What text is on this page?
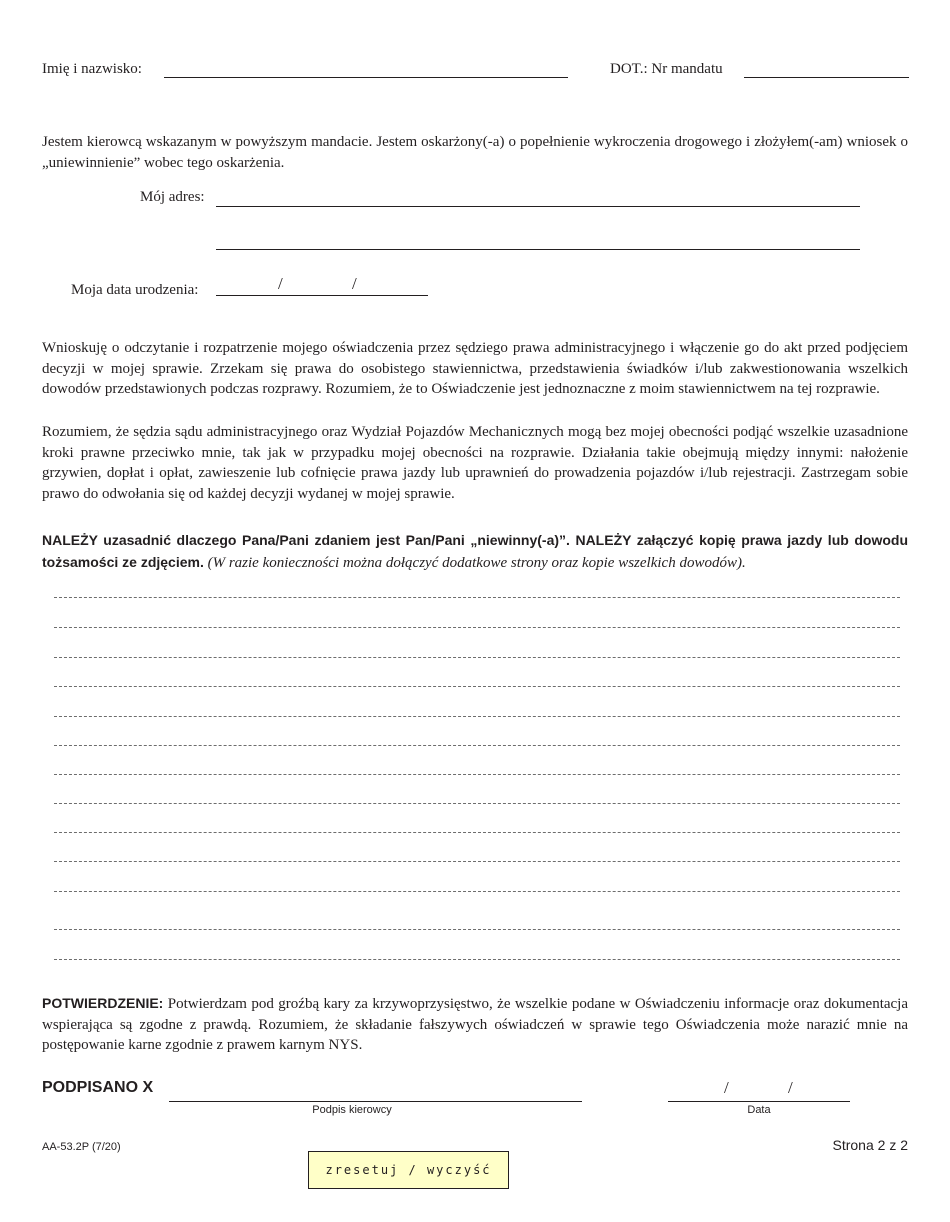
Imię i nazwisko:	DOT.: Nr mandatu
Jestem kierowcą wskazanym w powyższym mandacie. Jestem oskarżony(-a) o popełnienie wykroczenia drogowego i złożyłem(-am) wniosek o „uniewinnienie” wobec tego oskarżenia.
Mój adres:
Moja data urodzenia:	/	/
Wnioskuję o odczytanie i rozpatrzenie mojego oświadczenia przez sędziego prawa administracyjnego i włączenie go do akt przed podjęciem decyzji w mojej sprawie. Zrzekam się prawa do osobistego stawiennictwa, przedstawienia świadków i/lub zakwestionowania wszelkich dowodów przedstawionych podczas rozprawy. Rozumiem, że to Oświadczenie jest jednoznaczne z moim stawiennictwem na tej rozprawie.
Rozumiem, że sędzia sądu administracyjnego oraz Wydział Pojazdów Mechanicznych mogą bez mojej obecności podjąć wszelkie uzasadnione kroki prawne przeciwko mnie, tak jak w przypadku mojej obecności na rozprawie. Działania takie obejmują między innymi: nałożenie grzywien, dopłat i opłat, zawieszenie lub cofnięcie prawa jazdy lub uprawnień do prowadzenia pojazdów i/lub rejestracji. Zastrzegam sobie prawo do odwołania się od każdej decyzji wydanej w mojej sprawie.
NALEŻY uzasadnić dlaczego Pana/Pani zdaniem jest Pan/Pani „niewinny(-a)”. NALEŻY załączyć kopię prawa jazdy lub dowodu tożsamości ze zdjęciem. (W razie konieczności można dołączyć dodatkowe strony oraz kopie wszelkich dowodów).
POTWIERDZENIE: Potwierdzam pod groźbą kary za krzywoprzysięstwo, że wszelkie podane w Oświadczeniu informacje oraz dokumentacja wspierająca są zgodne z prawdą. Rozumiem, że składanie fałszywych oświadczeń w sprawie tego Oświadczenia może narazić mnie na postępowanie karne zgodnie z prawem karnym NYS.
PODPISANO X
Podpis kierowcy
/	/
Data
AA-53.2P (7/20)	Strona 2 z 2
zresetuj / wyczyść
